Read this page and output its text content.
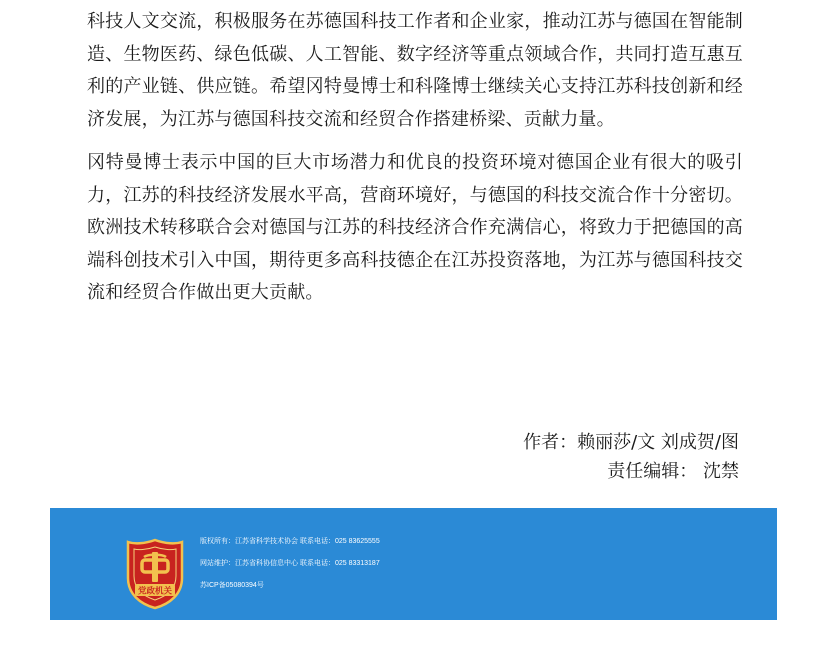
科技人文交流，积极服务在苏德国科技工作者和企业家，推动江苏与德国在智能制造、生物医药、绿色低碳、人工智能、数字经济等重点领域合作，共同打造互惠互利的产业链、供应链。希望冈特曼博士和科隆博士继续关心支持江苏科技创新和经济发展，为江苏与德国科技交流和经贸合作搭建桥梁、贡献力量。

冈特曼博士表示中国的巨大市场潜力和优良的投资环境对德国企业有很大的吸引力，江苏的科技经济发展水平高，营商环境好，与德国的科技交流合作十分密切。欧洲技术转移联合会对德国与江苏的科技经济合作充满信心，将致力于把德国的高端科创技术引入中国，期待更多高科技德企在江苏投资落地，为江苏与德国科技交流和经贸合作做出更大贡献。

作者：赖丽莎/文 刘成贺/图
责任编辑： 沈禁
党政机关
版权所有：江苏省科学技术协会 联系电话：025 83625555
网站维护：江苏省科协信息中心 联系电话：025 83313187
苏ICP备05080394号
